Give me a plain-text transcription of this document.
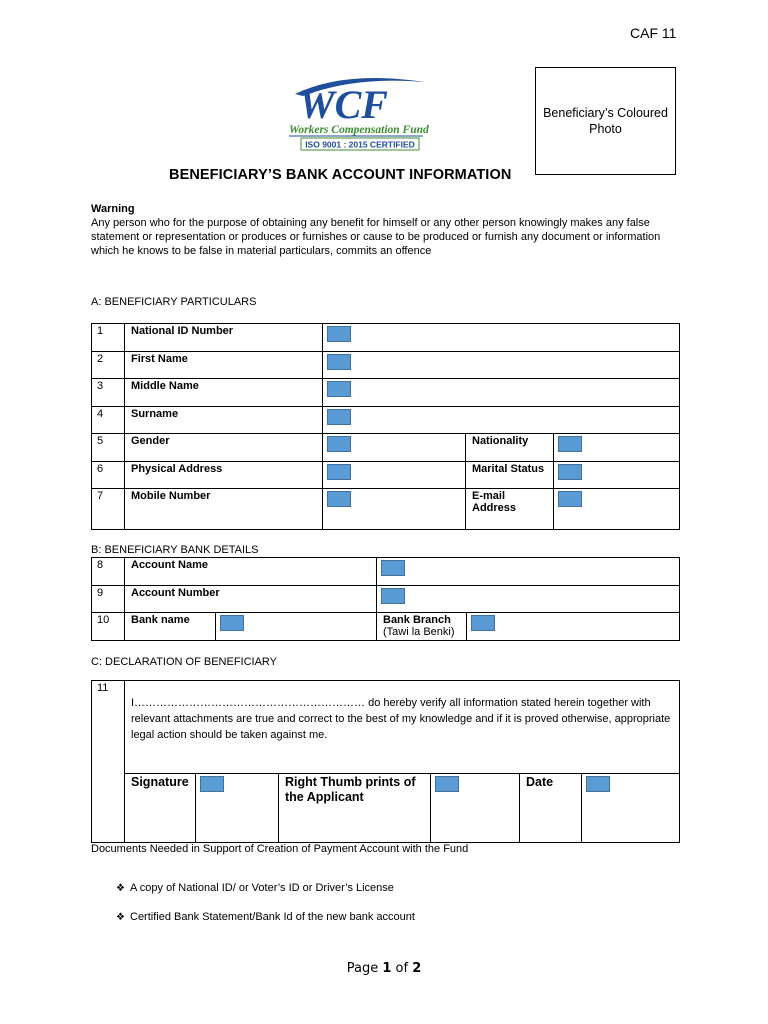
CAF 11
WCF
Workers Compensation Fund
ISO 9001 : 2015 CERTIFIED
Beneficiary’s Coloured Photo
BENEFICIARY’S BANK ACCOUNT INFORMATION
Warning
Any person who for the purpose of obtaining any benefit for himself or any other person knowingly makes any false statement or representation or produces or furnishes or cause to be produced or furnish any document or information which he knows to be false in material particulars, commits an offence
A: BENEFICIARY PARTICULARS
1	National ID Number			
2	First Name			
3	Middle Name			
4	Surname			
5	Gender		Nationality	
6	Physical Address		Marital Status	
7	Mobile Number		E-mail Address	
B: BENEFICIARY BANK DETAILS
8	Account Name			
9	Account Number			
10	Bank name		Bank Branch
(Tawi la Benki)	

C: DECLARATION OF BENEFICIARY
11	I……………………………………………………… do hereby verify all information stated herein together with relevant attachments are true and correct to the best of my knowledge and if it is proved otherwise, appropriate legal action should be taken against me.					
	Signature		Right Thumb prints of the Applicant		Date	
Documents Needed in Support of Creation of Payment Account with the Fund
❖ A copy of National ID/ or Voter’s ID or Driver’s License
❖ Certified Bank Statement/Bank Id of the new bank account
Page 1 of 2
